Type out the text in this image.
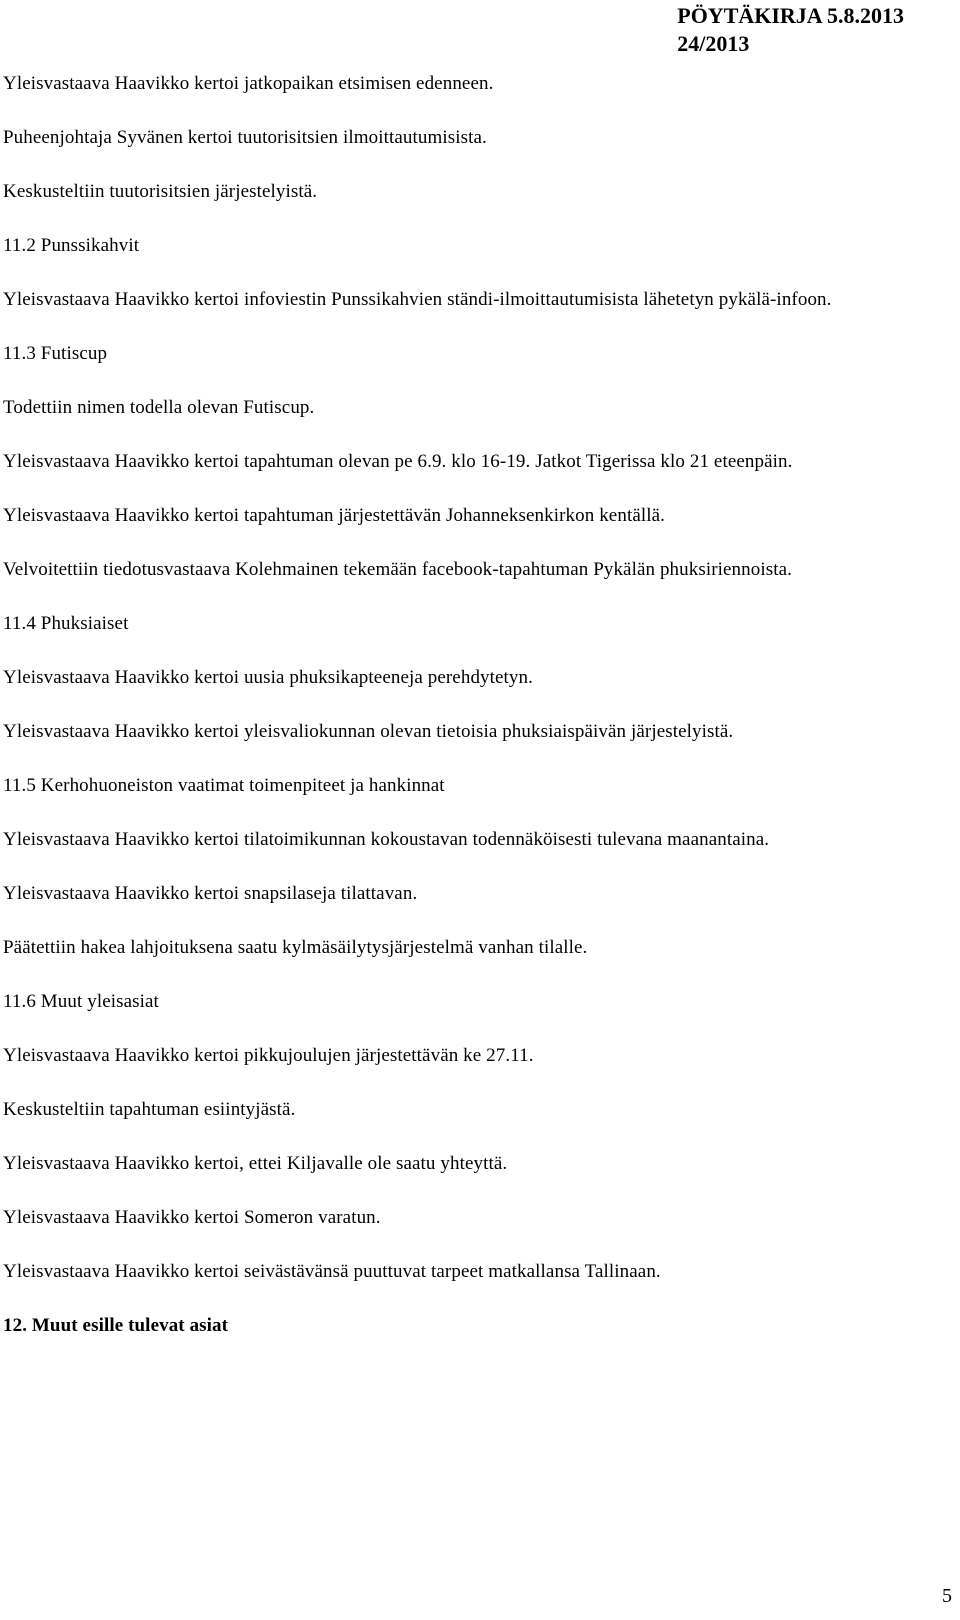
PÖYTÄKIRJA 5.8.2013
24/2013

Yleisvastaava Haavikko kertoi jatkopaikan etsimisen edenneen.

Puheenjohtaja Syvänen kertoi tuutorisitsien ilmoittautumisista.

Keskusteltiin tuutorisitsien järjestelyistä.

11.2 Punssikahvit

Yleisvastaava Haavikko kertoi infoviestin Punssikahvien ständi-ilmoittautumisista lähetetyn pykälä-infoon.

11.3 Futiscup

Todettiin nimen todella olevan Futiscup.

Yleisvastaava Haavikko kertoi tapahtuman olevan pe 6.9. klo 16-19. Jatkot Tigerissa klo 21 eteenpäin.

Yleisvastaava Haavikko kertoi tapahtuman järjestettävän Johanneksenkirkon kentällä.

Velvoitettiin tiedotusvastaava Kolehmainen tekemään facebook-tapahtuman Pykälän phuksiriennoista.

11.4 Phuksiaiset

Yleisvastaava Haavikko kertoi uusia phuksikapteeneja perehdytetyn.

Yleisvastaava Haavikko kertoi yleisvaliokunnan olevan tietoisia phuksiaispäivän järjestelyistä.

11.5 Kerhohuoneiston vaatimat toimenpiteet ja hankinnat

Yleisvastaava Haavikko kertoi tilatoimikunnan kokoustavan todennäköisesti tulevana maanantaina.

Yleisvastaava Haavikko kertoi snapsilaseja tilattavan.

Päätettiin hakea lahjoituksena saatu kylmäsäilytysjärjestelmä vanhan tilalle.

11.6 Muut yleisasiat

Yleisvastaava Haavikko kertoi pikkujoulujen järjestettävän ke 27.11.

Keskusteltiin tapahtuman esiintyjästä.

Yleisvastaava Haavikko kertoi, ettei Kiljavalle ole saatu yhteyttä.

Yleisvastaava Haavikko kertoi Someron varatun.

Yleisvastaava Haavikko kertoi seivästävänsä puuttuvat tarpeet matkallansa Tallinaan.

12. Muut esille tulevat asiat

5
